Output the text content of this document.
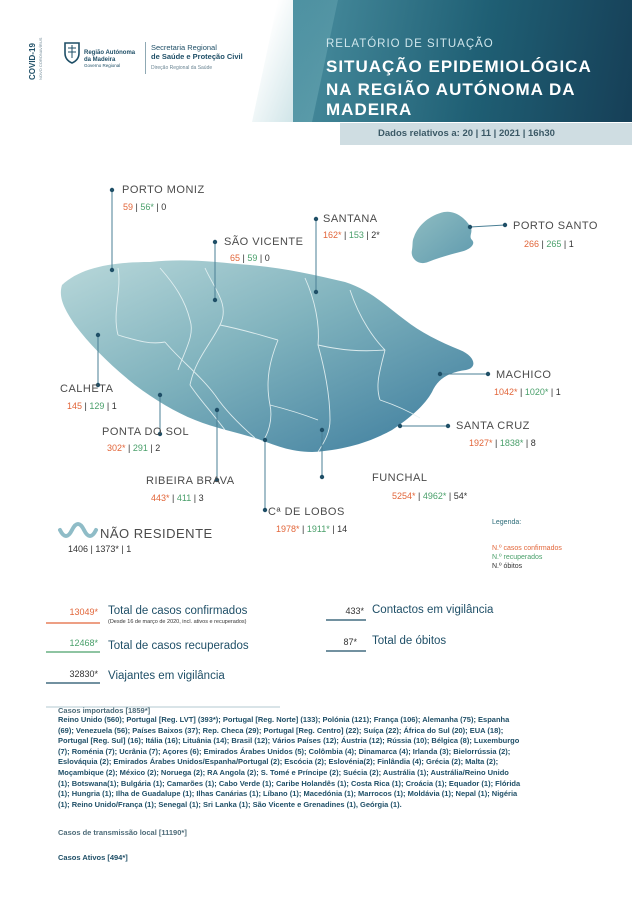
RELATÓRIO DE SITUAÇÃO
SITUAÇÃO EPIDEMIOLÓGICA
NA REGIÃO AUTÓNOMA DA MADEIRA
Dados relativos a: 20 | 11 | 2021 | 16h30
COVID-19 NOVO CORONAVÍRUS	Região Autónoma
da Madeira
Governo Regional
Secretaria Regional
de Saúde e Proteção Civil
Direção Regional da Saúde
PORTO MONIZ
59 | 56* | 0
SÃO VICENTE
65 | 59 | 0
SANTANA
162* | 153 | 2*
PORTO SANTO
266 | 265 | 1
MACHICO
1042* | 1020* | 1
SANTA CRUZ
1927* | 1838* | 8
FUNCHAL
5254* | 4962* | 54*
Cª DE LOBOS
1978* | 1911* | 14
RIBEIRA BRAVA
443* | 411 | 3
PONTA DO SOL
302* | 291 | 2
CALHETA
145 | 129 | 1
NÃO RESIDENTE
1406 | 1373* | 1
Legenda:
N.º casos confirmados
N.º recuperados
N.º óbitos
13049* Total de casos confirmados
(Desde 16 de março de 2020, incl. ativos e recuperados)
12468* Total de casos recuperados
32830* Viajantes em vigilância
433* Contactos em vigilância
87* Total de óbitos
Casos importados [1859*]
Reino Unido (560); Portugal [Reg. LVT] (393*); Portugal [Reg. Norte] (133); Polónia (121); França (106); Alemanha (75); Espanha
(69); Venezuela (56); Países Baixos (37); Rep. Checa (29); Portugal [Reg. Centro] (22); Suíça (22); África do Sul (20); EUA (18);
Portugal [Reg. Sul] (16); Itália (16); Lituânia (14); Brasil (12); Vários Países (12); Áustria (12); Rússia (10); Bélgica (8); Luxemburgo
(7); Roménia (7); Ucrânia (7); Açores (6); Emirados Árabes Unidos (5); Colômbia (4); Dinamarca (4); Irlanda (3); Bielorrússia (2);
Eslováquia (2); Emirados Árabes Unidos/Espanha/Portugal (2); Escócia (2); Eslovénia(2); Finlândia (4); Grécia (2); Malta (2);
Moçambique (2); México (2); Noruega (2); RA Angola (2); S. Tomé e Príncipe (2); Suécia (2); Austrália (1); Austrália/Reino Unido
(1); Botswana(1); Bulgária (1); Camarões (1); Cabo Verde (1); Caribe Holandês (1); Costa Rica (1); Croácia (1); Equador (1); Flórida
(1); Hungria (1); Ilha de Guadalupe (1); Ilhas Canárias (1); Líbano (1); Macedónia (1); Marrocos (1); Moldávia (1); Nepal (1); Nigéria
(1); Reino Unido/França (1); Senegal (1); Sri Lanka (1); São Vicente e Grenadines (1), Geórgia (1).
Casos de transmissão local [11190*]
Casos Ativos [494*]
